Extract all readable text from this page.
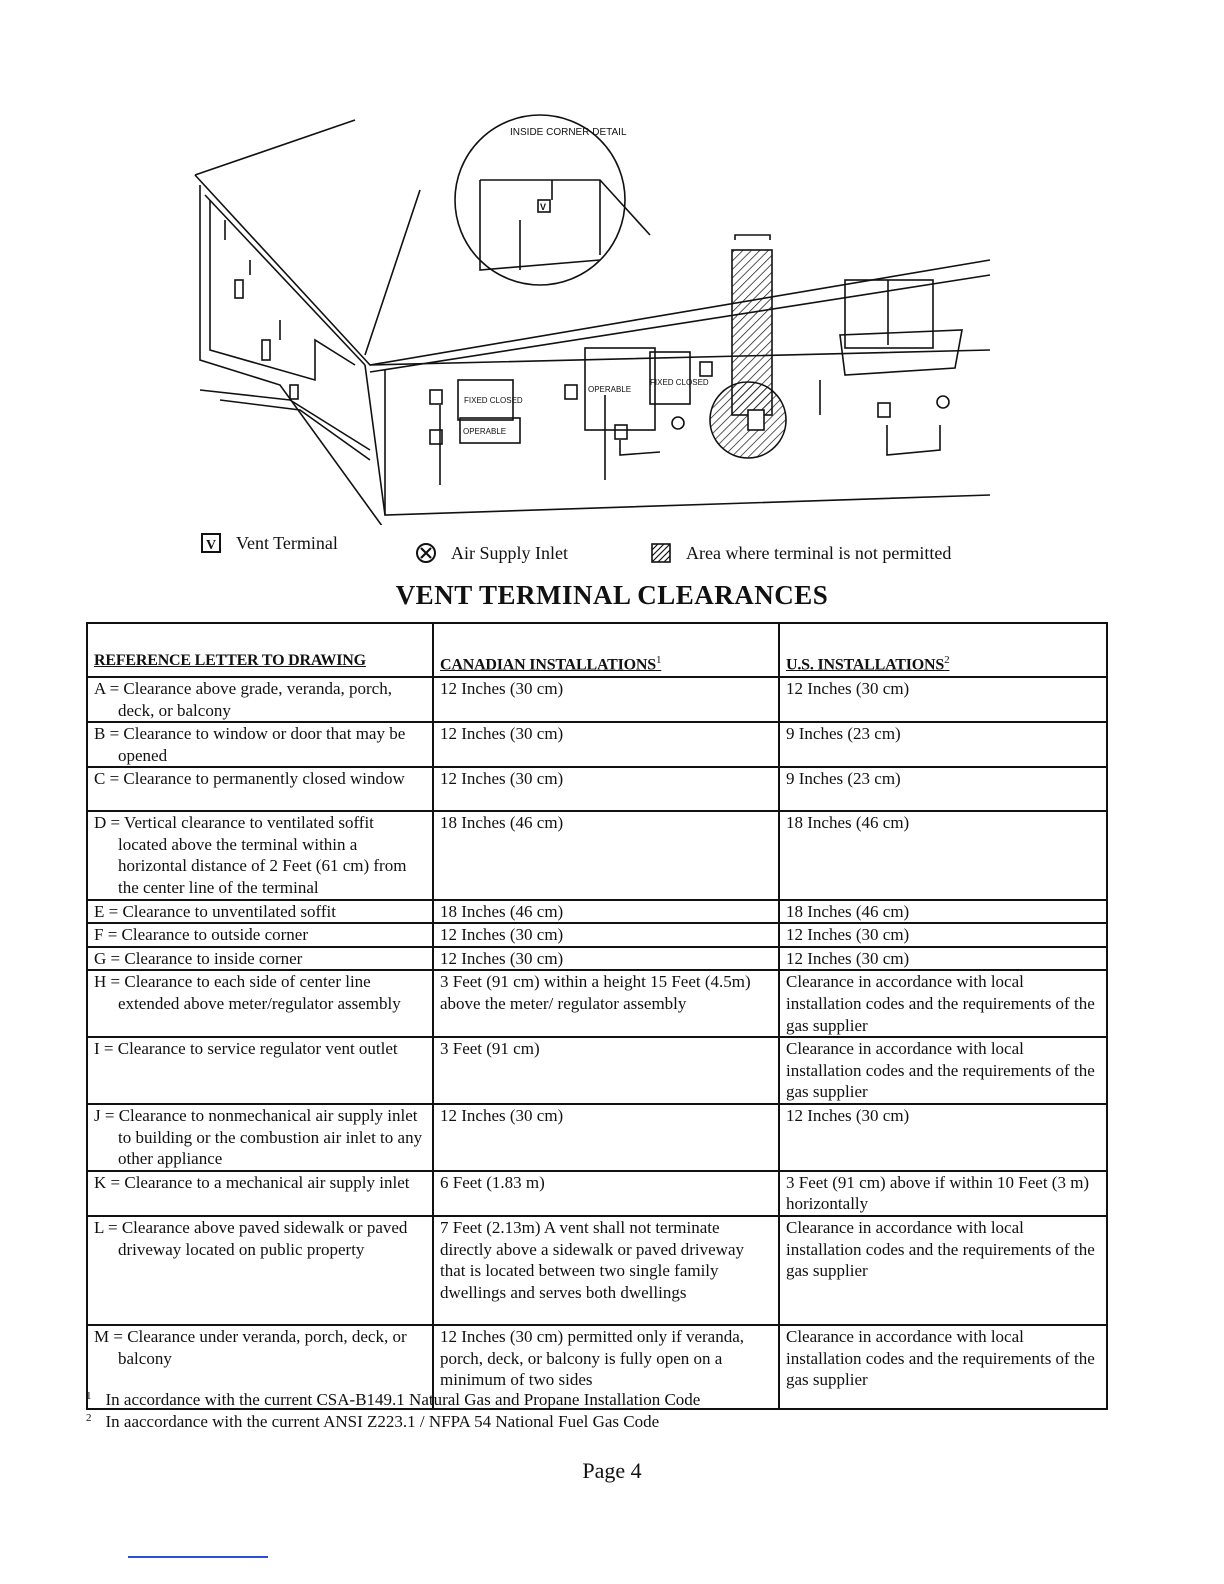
INSIDE CORNER DETAIL
V
FIXED CLOSED
OPERABLE
OPERABLE
FIXED CLOSED
V Vent Terminal	Air Supply Inlet	Area where terminal is not permitted
VENT TERMINAL CLEARANCES
REFERENCE LETTER TO DRAWING	CANADIAN INSTALLATIONS$^1$	U.S. INSTALLATIONS$^2$
A = Clearance above grade, veranda, porch, deck, or balcony	12 Inches (30 cm)	12 Inches (30 cm)
B = Clearance to window or door that may be opened	12 Inches (30 cm)	9 Inches (23 cm)
C = Clearance to permanently closed window	12 Inches (30 cm)	9 Inches (23 cm)
D = Vertical clearance to ventilated soffit located above the terminal within a horizontal distance of 2 Feet (61 cm) from the center line of the terminal	18 Inches (46 cm)	18 Inches (46 cm)
E = Clearance to unventilated soffit	18 Inches (46 cm)	18 Inches (46 cm)
F = Clearance to outside corner	12 Inches (30 cm)	12 Inches (30 cm)
G = Clearance to inside corner	12 Inches (30 cm)	12 Inches (30 cm)
H = Clearance to each side of center line extended above meter/regulator assembly	3 Feet (91 cm) within a height 15 Feet (4.5m) above the meter/ regulator assembly	Clearance in accordance with local installation codes and the requirements of the gas supplier
I = Clearance to service regulator vent outlet	3 Feet (91 cm)	Clearance in accordance with local installation codes and the requirements of the gas supplier
J = Clearance to nonmechanical air supply inlet to building or the combustion air inlet to any other appliance	12 Inches (30 cm)	12 Inches (30 cm)
K = Clearance to a mechanical air supply inlet	6 Feet (1.83 m)	3 Feet (91 cm) above if within 10 Feet (3 m) horizontally
L = Clearance above paved sidewalk or paved driveway located on public property	7 Feet (2.13m) A vent shall not terminate directly above a sidewalk or paved driveway that is located between two single family dwellings and serves both dwellings	Clearance in accordance with local installation codes and the requirements of the gas supplier
M = Clearance under veranda, porch, deck, or balcony	12 Inches (30 cm) permitted only if veranda, porch, deck, or balcony is fully open on a minimum of two sides	Clearance in accordance with local installation codes and the requirements of the gas supplier
$^1$ In accordance with the current CSA-B149.1 Natural Gas and Propane Installation Code
$^2$ In aaccordance with the current ANSI Z223.1 / NFPA 54 National Fuel Gas Code
Page 4
